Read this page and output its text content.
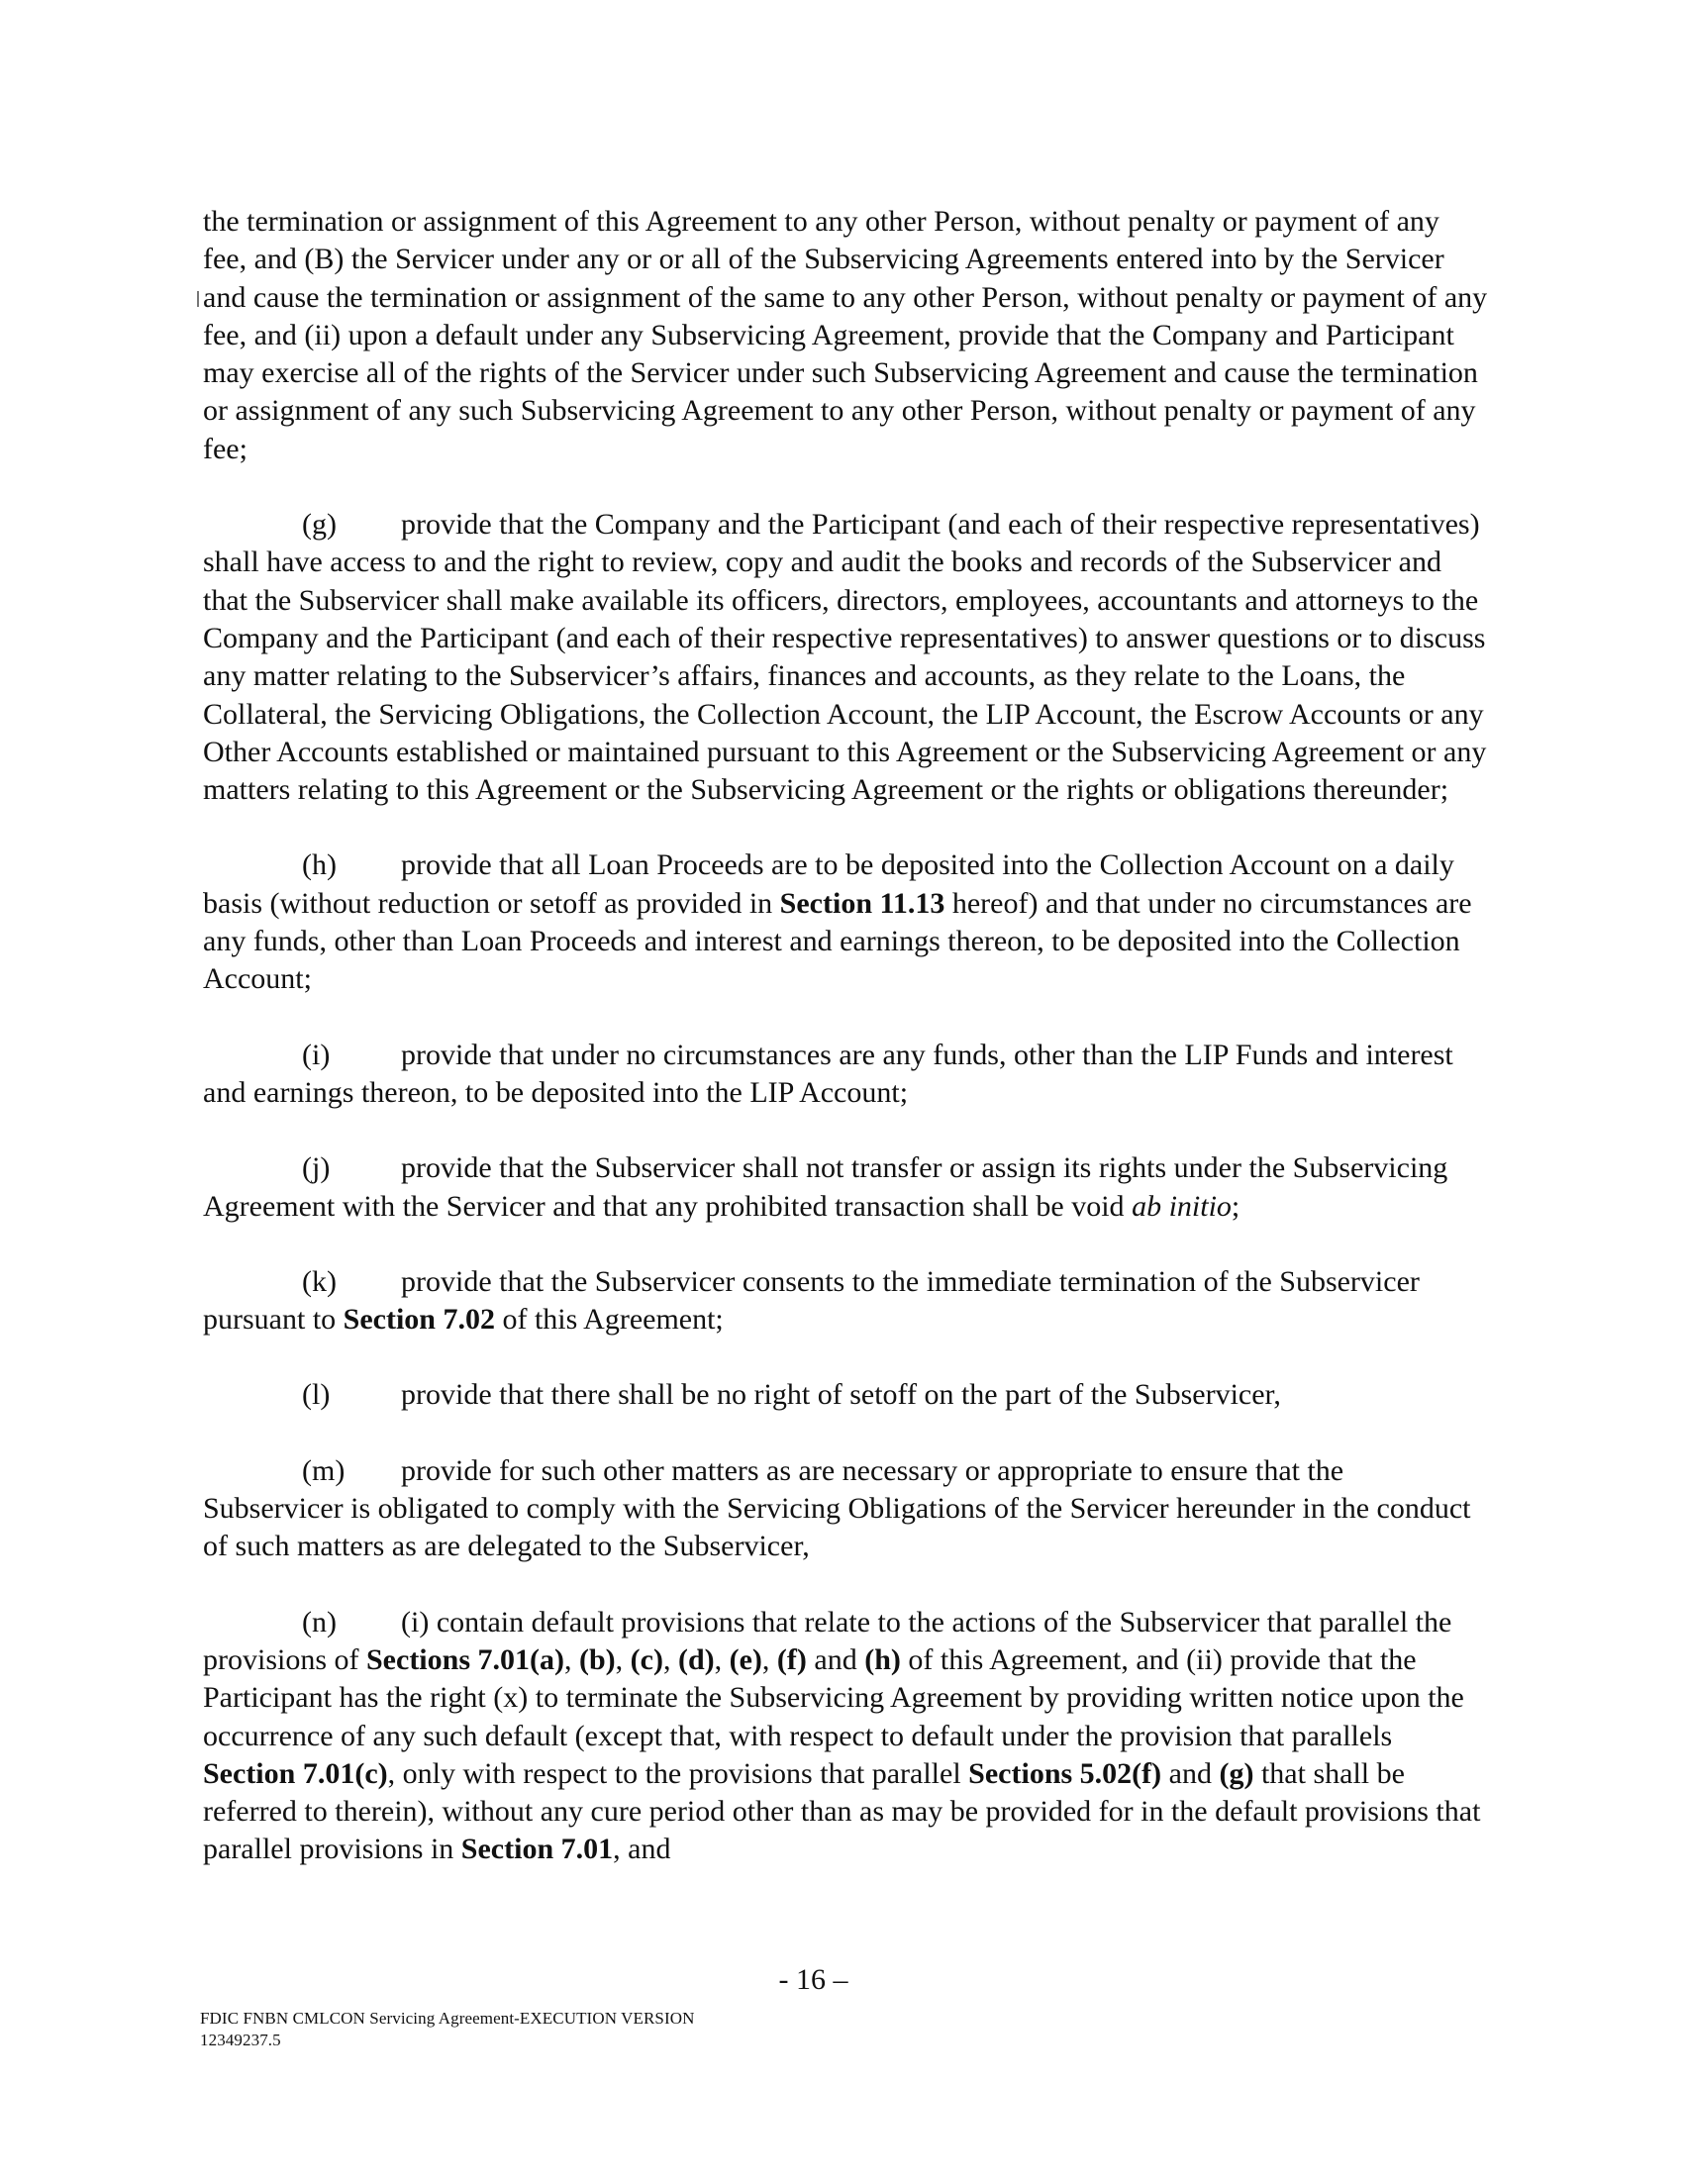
the termination or assignment of this Agreement to any other Person, without penalty or payment of any fee, and (B) the Servicer under any or or all of the Subservicing Agreements entered into by the Servicer and cause the termination or assignment of the same to any other Person, without penalty or payment of any fee, and (ii) upon a default under any Subservicing Agreement, provide that the Company and Participant may exercise all of the rights of the Servicer under such Subservicing Agreement and cause the termination or assignment of any such Subservicing Agreement to any other Person, without penalty or payment of any fee;

(g) provide that the Company and the Participant (and each of their respective representatives) shall have access to and the right to review, copy and audit the books and records of the Subservicer and that the Subservicer shall make available its officers, directors, employees, accountants and attorneys to the Company and the Participant (and each of their respective representatives) to answer questions or to discuss any matter relating to the Subservicer’s affairs, finances and accounts, as they relate to the Loans, the Collateral, the Servicing Obligations, the Collection Account, the LIP Account, the Escrow Accounts or any Other Accounts established or maintained pursuant to this Agreement or the Subservicing Agreement or any matters relating to this Agreement or the Subservicing Agreement or the rights or obligations thereunder;

(h) provide that all Loan Proceeds are to be deposited into the Collection Account on a daily basis (without reduction or setoff as provided in Section 11.13 hereof) and that under no circumstances are any funds, other than Loan Proceeds and interest and earnings thereon, to be deposited into the Collection Account;

(i) provide that under no circumstances are any funds, other than the LIP Funds and interest and earnings thereon, to be deposited into the LIP Account;

(j) provide that the Subservicer shall not transfer or assign its rights under the Subservicing Agreement with the Servicer and that any prohibited transaction shall be void ab initio;

(k) provide that the Subservicer consents to the immediate termination of the Subservicer pursuant to Section 7.02 of this Agreement;

(l) provide that there shall be no right of setoff on the part of the Subservicer,

(m) provide for such other matters as are necessary or appropriate to ensure that the Subservicer is obligated to comply with the Servicing Obligations of the Servicer hereunder in the conduct of such matters as are delegated to the Subservicer,

(n) (i) contain default provisions that relate to the actions of the Subservicer that parallel the provisions of Sections 7.01(a), (b), (c), (d), (e), (f) and (h) of this Agreement, and (ii) provide that the Participant has the right (x) to terminate the Subservicing Agreement by providing written notice upon the occurrence of any such default (except that, with respect to default under the provision that parallels Section 7.01(c), only with respect to the provisions that parallel Sections 5.02(f) and (g) that shall be referred to therein), without any cure period other than as may be provided for in the default provisions that parallel provisions in Section 7.01, and

- 16 –
FDIC FNBN CMLCON Servicing Agreement-EXECUTION VERSION
12349237.5
